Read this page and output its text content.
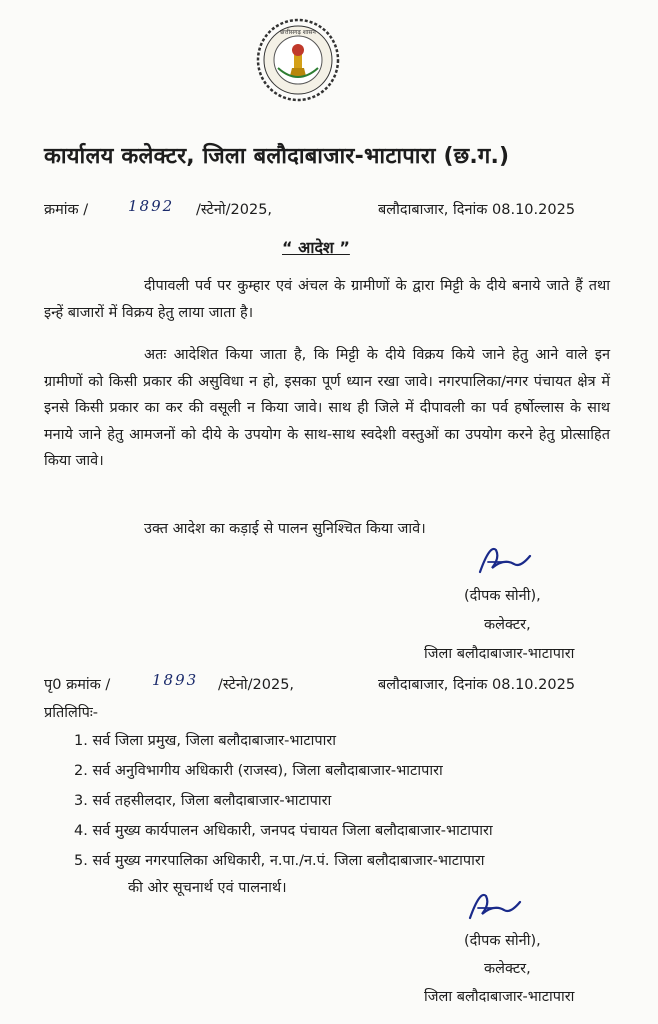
छत्तीसगढ़ शासन
कार्यालय कलेक्टर, जिला बलौदाबाजार-भाटापारा (छ.ग.)
क्रमांक /	1892 /स्टेनो/2025,	बलौदाबाजार, दिनांक 08.10.2025
“ आदेश ”
दीपावली पर्व पर कुम्हार एवं अंचल के ग्रामीणों के द्वारा मिट्टी के दीये बनाये जाते हैं तथा इन्हें बाजारों में विक्रय हेतु लाया जाता है।
अतः आदेशित किया जाता है, कि मिट्टी के दीये विक्रय किये जाने हेतु आने वाले इन ग्रामीणों को किसी प्रकार की असुविधा न हो, इसका पूर्ण ध्यान रखा जावे। नगरपालिका/नगर पंचायत क्षेत्र में इनसे किसी प्रकार का कर की वसूली न किया जावे। साथ ही जिले में दीपावली का पर्व हर्षोल्लास के साथ मनाये जाने हेतु आमजनों को दीये के उपयोग के साथ-साथ स्वदेशी वस्तुओं का उपयोग करने हेतु प्रोत्साहित किया जावे।
उक्त आदेश का कड़ाई से पालन सुनिश्चित किया जावे।
(दीपक सोनी),
कलेक्टर,
जिला बलौदाबाजार-भाटापारा
पृ0 क्रमांक /	1893 /स्टेनो/2025,	बलौदाबाजार, दिनांक 08.10.2025
प्रतिलिपिः-
1. सर्व जिला प्रमुख, जिला बलौदाबाजार-भाटापारा
2. सर्व अनुविभागीय अधिकारी (राजस्व), जिला बलौदाबाजार-भाटापारा
3. सर्व तहसीलदार, जिला बलौदाबाजार-भाटापारा
4. सर्व मुख्य कार्यपालन अधिकारी, जनपद पंचायत जिला बलौदाबाजार-भाटापारा
5. सर्व मुख्य नगरपालिका अधिकारी, न.पा./न.पं. जिला बलौदाबाजार-भाटापारा
की ओर सूचनार्थ एवं पालनार्थ।
(दीपक सोनी),
कलेक्टर,
जिला बलौदाबाजार-भाटापारा
